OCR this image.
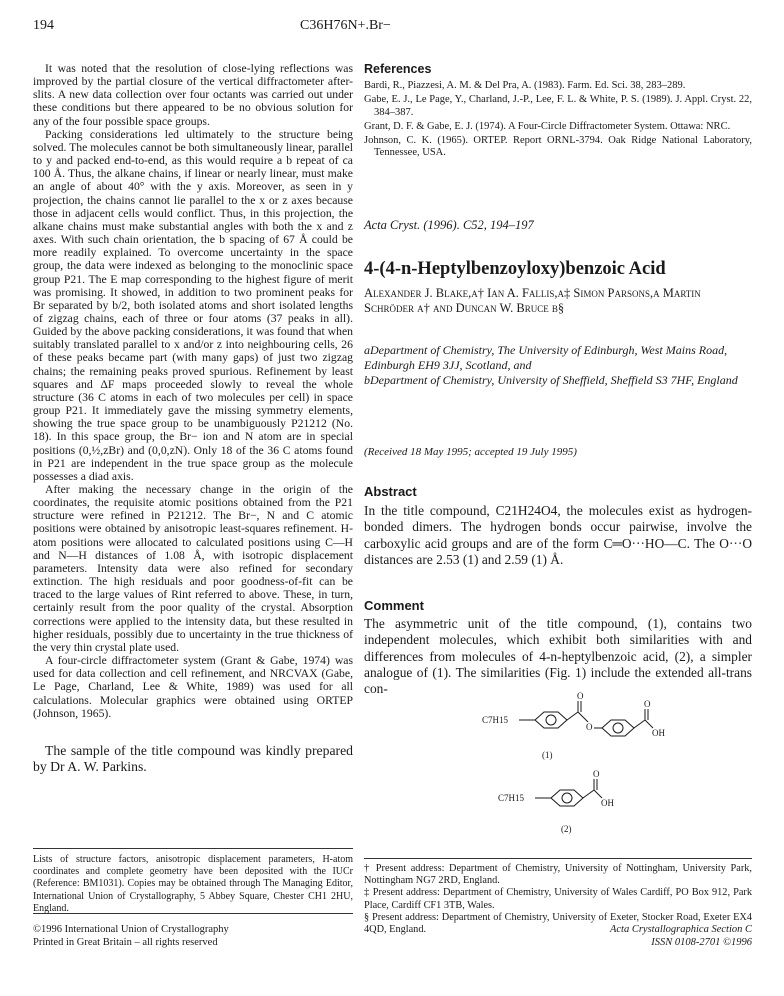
194	C36H76N+.Br−

It was noted that the resolution of close-lying reflections was improved by the partial closure of the vertical diffractometer after-slits. A new data collection over four octants was carried out under these conditions but there appeared to be no obvious solution for any of the four possible space groups.

Packing considerations led ultimately to the structure being solved. The molecules cannot be both simultaneously linear, parallel to y and packed end-to-end, as this would require a b repeat of ca 100 Å. Thus, the alkane chains, if linear or nearly linear, must make an angle of about 40° with the y axis. Moreover, as seen in y projection, the chains cannot lie parallel to the x or z axes because those in adjacent cells would conflict. Thus, in this projection, the alkane chains must make substantial angles with both the x and z axes. With such chain orientation, the b spacing of 67 Å could be more readily explained. To overcome uncertainty in the space group, the data were indexed as belonging to the monoclinic space group P21. The E map corresponding to the highest figure of merit was promising. It showed, in addition to two prominent peaks for Br separated by b/2, both isolated atoms and short isolated lengths of zigzag chains, each of three or four atoms (37 peaks in all). Guided by the above packing considerations, it was found that when suitably translated parallel to x and/or z into neighbouring cells, 26 of these peaks became part (with many gaps) of just two zigzag chains; the remaining peaks proved spurious. Refinement by least squares and ΔF maps proceeded slowly to reveal the whole structure (36 C atoms in each of two molecules per cell) in space group P21. It immediately gave the missing symmetry elements, showing the true space group to be unambiguously P21212 (No. 18). In this space group, the Br− ion and N atom are in special positions (0,½,zBr) and (0,0,zN). Only 18 of the 36 C atoms found in P21 are independent in the true space group as the molecule possesses a diad axis.

After making the necessary change in the origin of the coordinates, the requisite atomic positions obtained from the P21 structure were refined in P21212. The Br−, N and C atomic positions were obtained by anisotropic least-squares refinement. H-atom positions were allocated to calculated positions using C—H and N—H distances of 1.08 Å, with isotropic displacement parameters. Intensity data were also refined for secondary extinction. The high residuals and poor goodness-of-fit can be traced to the large values of Rint referred to above. These, in turn, certainly result from the poor quality of the crystal. Absorption corrections were applied to the intensity data, but these resulted in higher residuals, possibly due to uncertainty in the true thickness of the very thin crystal plate used.

A four-circle diffractometer system (Grant & Gabe, 1974) was used for data collection and cell refinement, and NRCVAX (Gabe, Le Page, Charland, Lee & White, 1989) was used for all calculations. Molecular graphics were obtained using ORTEP (Johnson, 1965).

The sample of the title compound was kindly prepared by Dr A. W. Parkins.
Lists of structure factors, anisotropic displacement parameters, H-atom coordinates and complete geometry have been deposited with the IUCr (Reference: BM1031). Copies may be obtained through The Managing Editor, International Union of Crystallography, 5 Abbey Square, Chester CH1 2HU, England.
©1996 International Union of Crystallography
Printed in Great Britain – all rights reserved
References
Bardi, R., Piazzesi, A. M. & Del Pra, A. (1983). Farm. Ed. Sci. 38, 283–289.
Gabe, E. J., Le Page, Y., Charland, J.-P., Lee, F. L. & White, P. S. (1989). J. Appl. Cryst. 22, 384–387.
Grant, D. F. & Gabe, E. J. (1974). A Four-Circle Diffractometer System. Ottawa: NRC.
Johnson, C. K. (1965). ORTEP. Report ORNL-3794. Oak Ridge National Laboratory, Tennessee, USA.
Acta Cryst. (1996). C52, 194–197
4-(4-n-Heptylbenzoyloxy)benzoic Acid
Alexander J. Blake,a† Ian A. Fallis,a‡ Simon Parsons,a Martin Schröder a† and Duncan W. Bruce b§
aDepartment of Chemistry, The University of Edinburgh, West Mains Road, Edinburgh EH9 3JJ, Scotland, and
bDepartment of Chemistry, University of Sheffield, Sheffield S3 7HF, England
(Received 18 May 1995; accepted 19 July 1995)
Abstract
In the title compound, C21H24O4, the molecules exist as hydrogen-bonded dimers. The hydrogen bonds occur pairwise, involve the carboxylic acid groups and are of the form C═O···HO—C. The O···O distances are 2.53 (1) and 2.59 (1) Å.
Comment
The asymmetric unit of the title compound, (1), contains two independent molecules, which exhibit both similarities with and differences from molecules of 4-n-heptylbenzoic acid, (2), a simpler analogue of (1). The similarities (Fig. 1) include the extended all-trans con-
C7H15
O
O
O
OH
(1)
C7H15
O
OH
(2)

† Present address: Department of Chemistry, University of Nottingham, University Park, Nottingham NG7 2RD, England.

‡ Present address: Department of Chemistry, University of Wales Cardiff, PO Box 912, Park Place, Cardiff CF1 3TB, Wales.

§ Present address: Department of Chemistry, University of Exeter, Stocker Road, Exeter EX4 4QD, England.	Acta Crystallographica Section C
ISSN 0108-2701 ©1996
